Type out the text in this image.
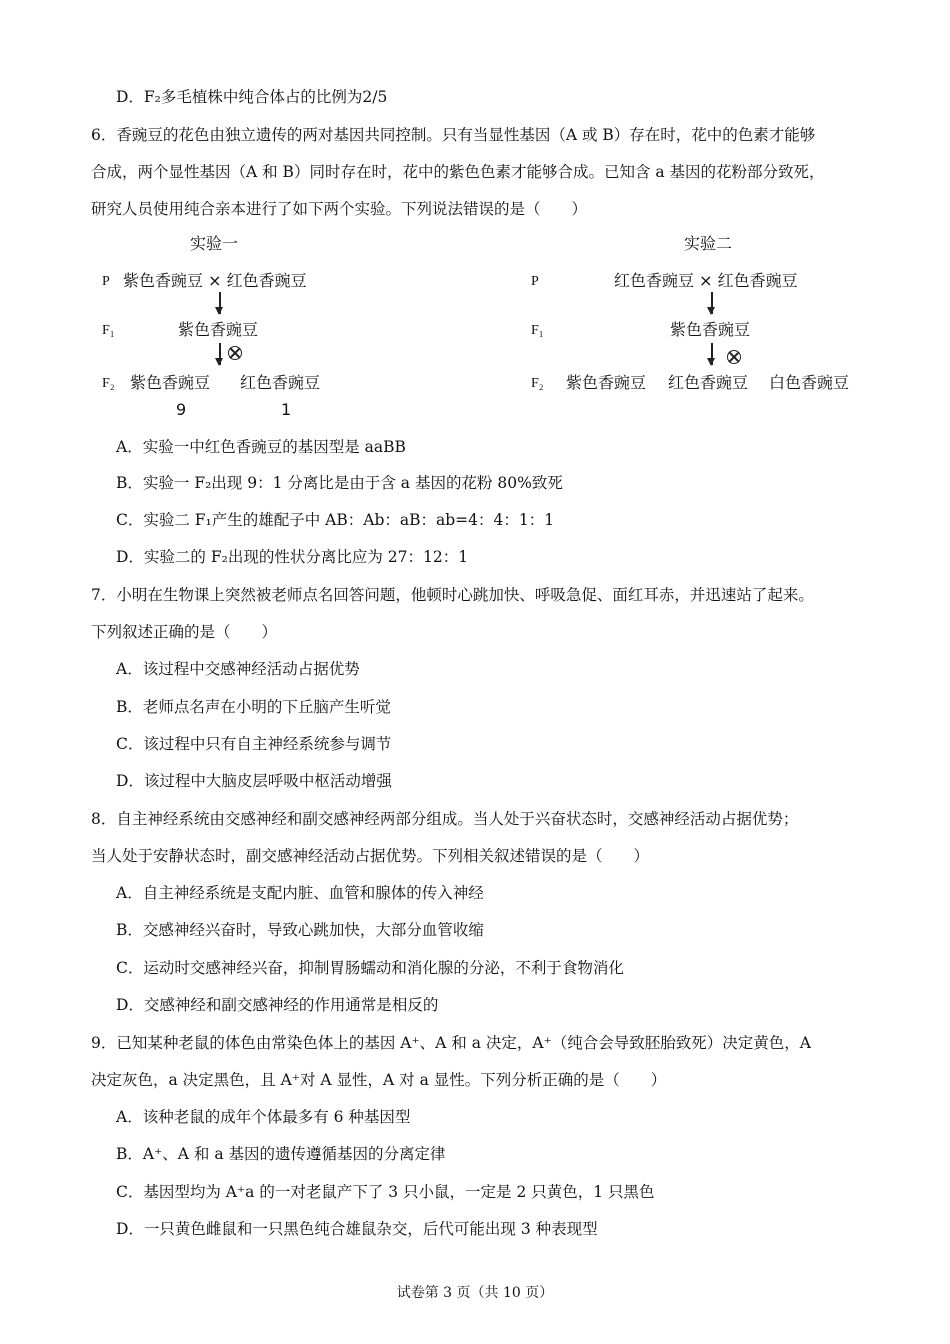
D．F₂多毛植株中纯合体占的比例为2/5
6．香豌豆的花色由独立遗传的两对基因共同控制。只有当显性基因（A 或 B）存在时，花中的色素才能够
合成，两个显性基因（A 和 B）同时存在时，花中的紫色色素才能够合成。已知含 a 基因的花粉部分致死，
研究人员使用纯合亲本进行了如下两个实验。下列说法错误的是（　　）
实验一
P 紫色香豌豆 × 红色香豌豆
F₁	紫色香豌豆
F₂ 紫色香豌豆 红色香豌豆
9	1
实验二
P	红色香豌豆 × 红色香豌豆
F₁	紫色香豌豆
F₂ 紫色香豌豆 红色香豌豆 白色香豌豆
A．实验一中红色香豌豆的基因型是 aaBB
B．实验一 F₂出现 9：1 分离比是由于含 a 基因的花粉 80%致死
C．实验二 F₁产生的雄配子中 AB：Ab：aB：ab=4：4：1：1
D．实验二的 F₂出现的性状分离比应为 27：12：1
7．小明在生物课上突然被老师点名回答问题，他顿时心跳加快、呼吸急促、面红耳赤，并迅速站了起来。
下列叙述正确的是（　　）
A．该过程中交感神经活动占据优势
B．老师点名声在小明的下丘脑产生听觉
C．该过程中只有自主神经系统参与调节
D．该过程中大脑皮层呼吸中枢活动增强
8．自主神经系统由交感神经和副交感神经两部分组成。当人处于兴奋状态时，交感神经活动占据优势；
当人处于安静状态时，副交感神经活动占据优势。下列相关叙述错误的是（　　）
A．自主神经系统是支配内脏、血管和腺体的传入神经
B．交感神经兴奋时，导致心跳加快，大部分血管收缩
C．运动时交感神经兴奋，抑制胃肠蠕动和消化腺的分泌，不利于食物消化
D．交感神经和副交感神经的作用通常是相反的
9．已知某种老鼠的体色由常染色体上的基因 A⁺、A 和 a 决定，A⁺（纯合会导致胚胎致死）决定黄色，A
决定灰色，a 决定黑色，且 A⁺对 A 显性，A 对 a 显性。下列分析正确的是（　　）
A．该种老鼠的成年个体最多有 6 种基因型
B．A⁺、A 和 a 基因的遗传遵循基因的分离定律
C．基因型均为 A⁺a 的一对老鼠产下了 3 只小鼠，一定是 2 只黄色，1 只黑色
D．一只黄色雌鼠和一只黑色纯合雄鼠杂交，后代可能出现 3 种表现型
试卷第 3 页（共 10 页）
